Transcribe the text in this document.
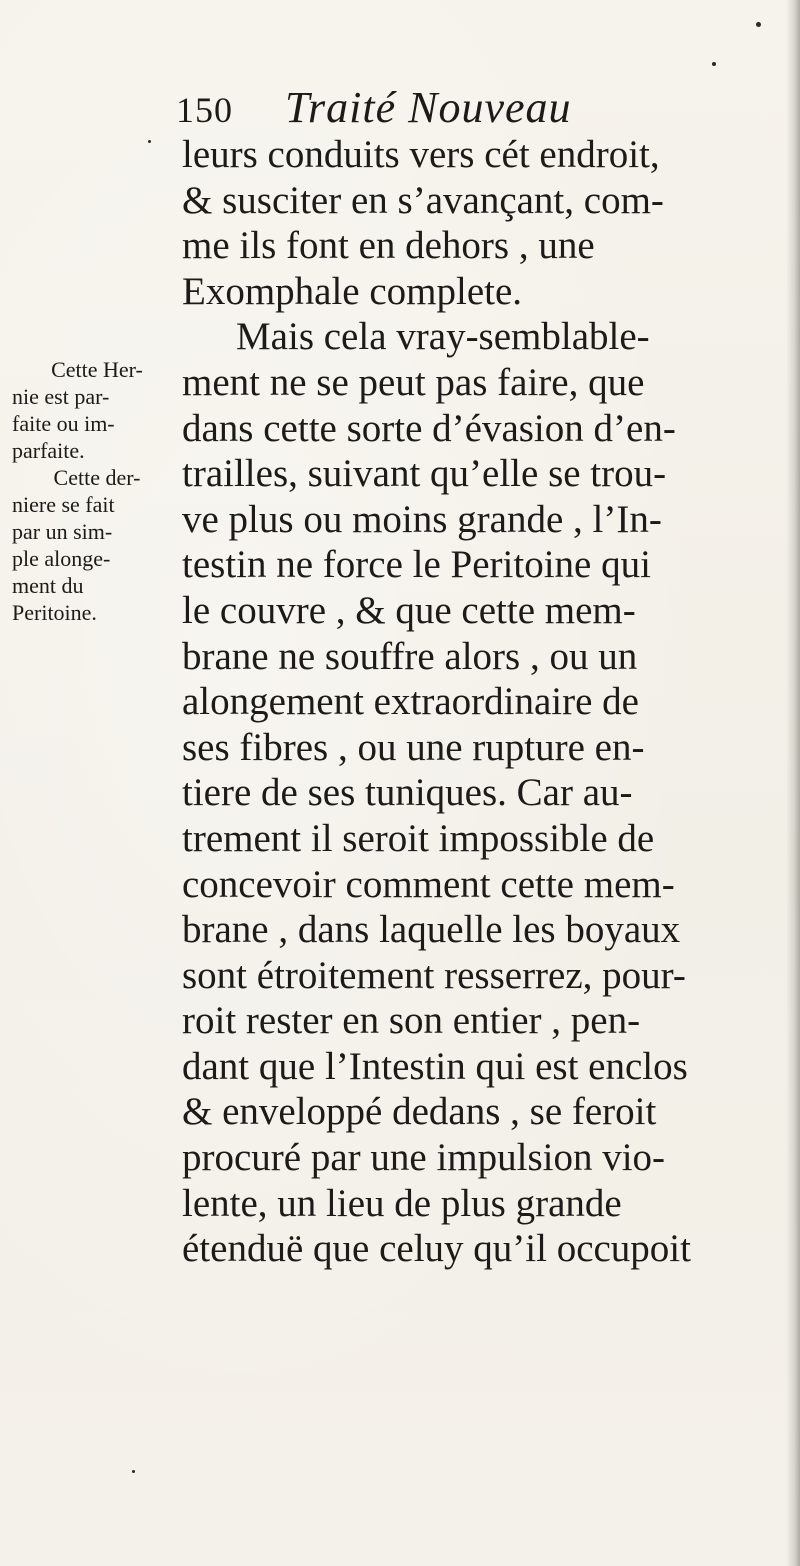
150 Traité Nouveau
leurs conduits vers cét endroit,
& susciter en s’avançant, com-
me ils font en dehors , une
Exomphale complete.
Mais cela vray-semblable-
ment ne se peut pas faire, que
dans cette sorte d’évasion d’en-
trailles, suivant qu’elle se trou-
ve plus ou moins grande , l’In-
testin ne force le Peritoine qui
le couvre , & que cette mem-
brane ne souffre alors , ou un
alongement extraordinaire de
ses fibres , ou une rupture en-
tiere de ses tuniques. Car au-
trement il seroit impossible de
concevoir comment cette mem-
brane , dans laquelle les boyaux
sont étroitement resserrez, pour-
roit rester en son entier , pen-
dant que l’Intestin qui est enclos
& enveloppé dedans , se feroit
procuré par une impulsion vio-
lente, un lieu de plus grande
étenduë que celuy qu’il occupoit
Cette Her-
nie est par-
faite ou im-
parfaite.
Cette der-
niere se fait
par un sim-
ple alonge-
ment du
Peritoine.
